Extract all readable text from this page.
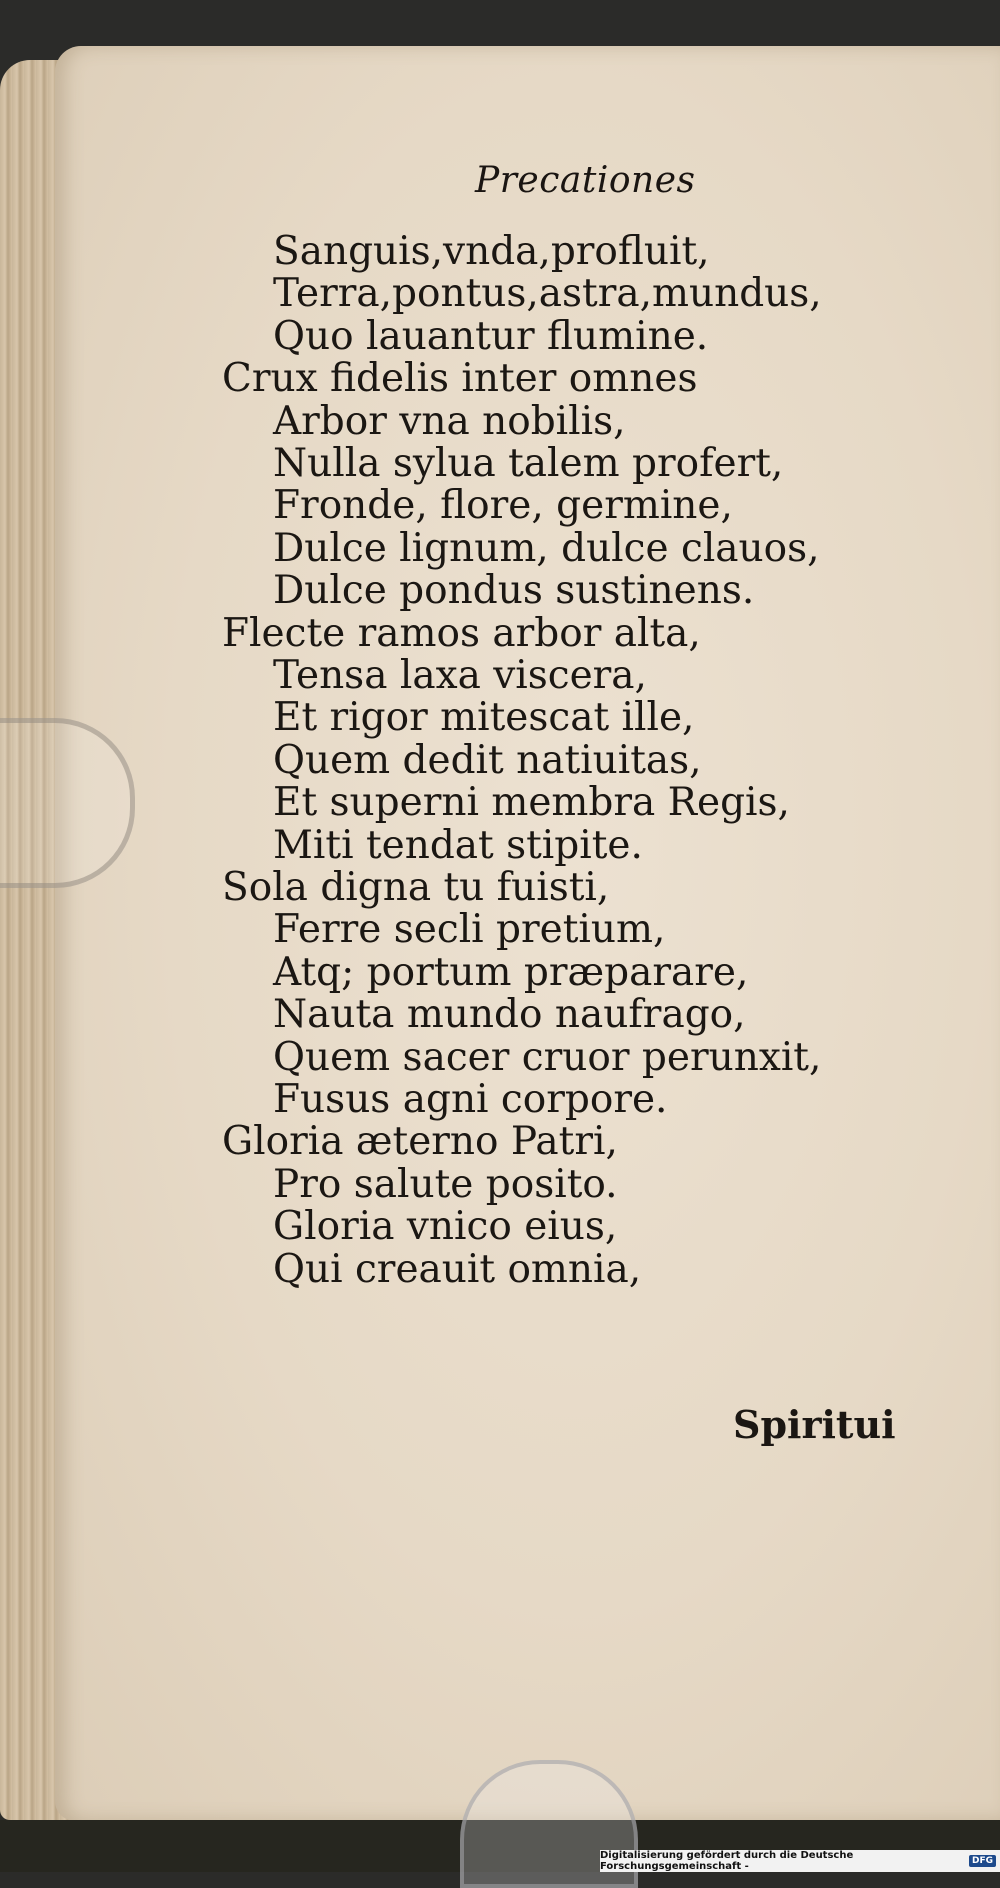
Precationes
Sanguis,vnda,profluit,
Terra,pontus,astra,mundus,
Quo lauantur flumine.
Crux fidelis inter omnes
Arbor vna nobilis,
Nulla sylua talem profert,
Fronde, flore, germine,
Dulce lignum, dulce clauos,
Dulce pondus sustinens.
Flecte ramos arbor alta,
Tensa laxa viscera,
Et rigor mitescat ille,
Quem dedit natiuitas,
Et superni membra Regis,
Miti tendat stipite.
Sola digna tu fuisti,
Ferre secli pretium,
Atq; portum præparare,
Nauta mundo naufrago,
Quem sacer cruor perunxit,
Fusus agni corpore.
Gloria æterno Patri,
Pro salute posito.
Gloria vnico eius,
Qui creauit omnia,
Spiritui
Digitalisierung gefördert durch die Deutsche Forschungsgemeinschaft -	DFG
